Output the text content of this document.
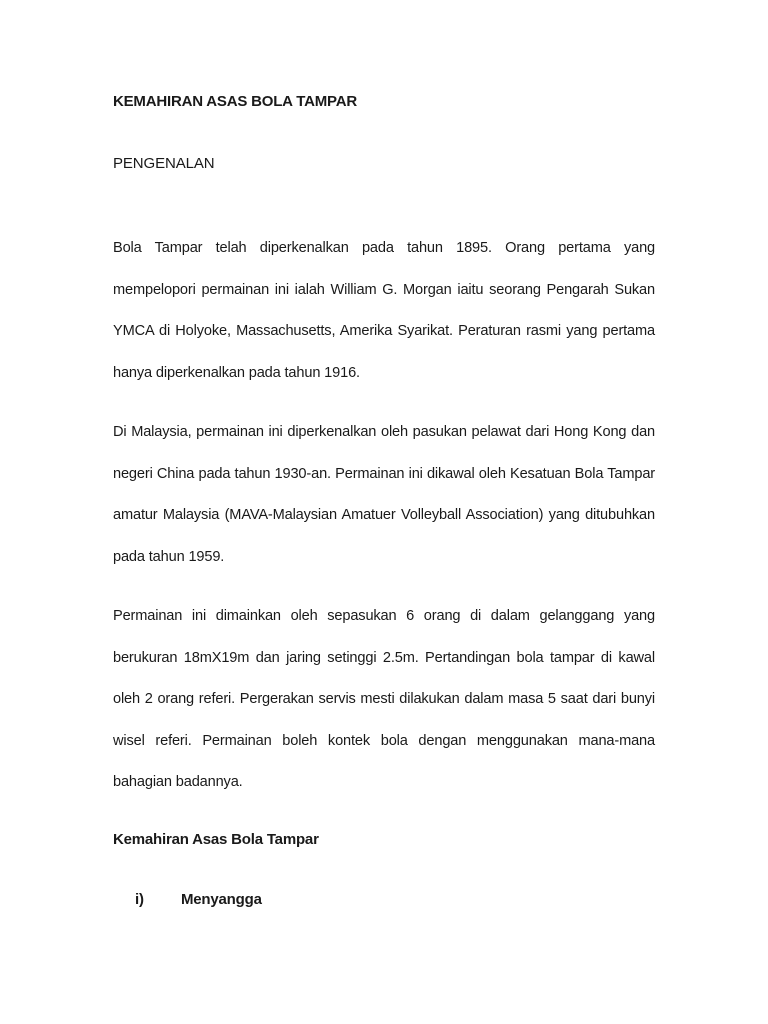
KEMAHIRAN ASAS BOLA TAMPAR
PENGENALAN

Bola Tampar telah diperkenalkan pada tahun 1895. Orang pertama yang mempelopori permainan ini ialah William G. Morgan iaitu seorang Pengarah Sukan YMCA di Holyoke, Massachusetts, Amerika Syarikat. Peraturan rasmi yang pertama hanya diperkenalkan pada tahun 1916.

Di Malaysia, permainan ini diperkenalkan oleh pasukan pelawat dari Hong Kong dan negeri China pada tahun 1930-an. Permainan ini dikawal oleh Kesatuan Bola Tampar amatur Malaysia (MAVA-Malaysian Amatuer Volleyball Association) yang ditubuhkan pada tahun 1959.

Permainan ini dimainkan oleh sepasukan 6 orang di dalam gelanggang yang berukuran 18mX19m dan jaring setinggi 2.5m. Pertandingan bola tampar di kawal oleh 2 orang referi. Pergerakan servis mesti dilakukan dalam masa 5 saat dari bunyi wisel referi. Permainan boleh kontek bola dengan menggunakan mana-mana bahagian badannya.

Kemahiran Asas Bola Tampar
i) Menyangga
